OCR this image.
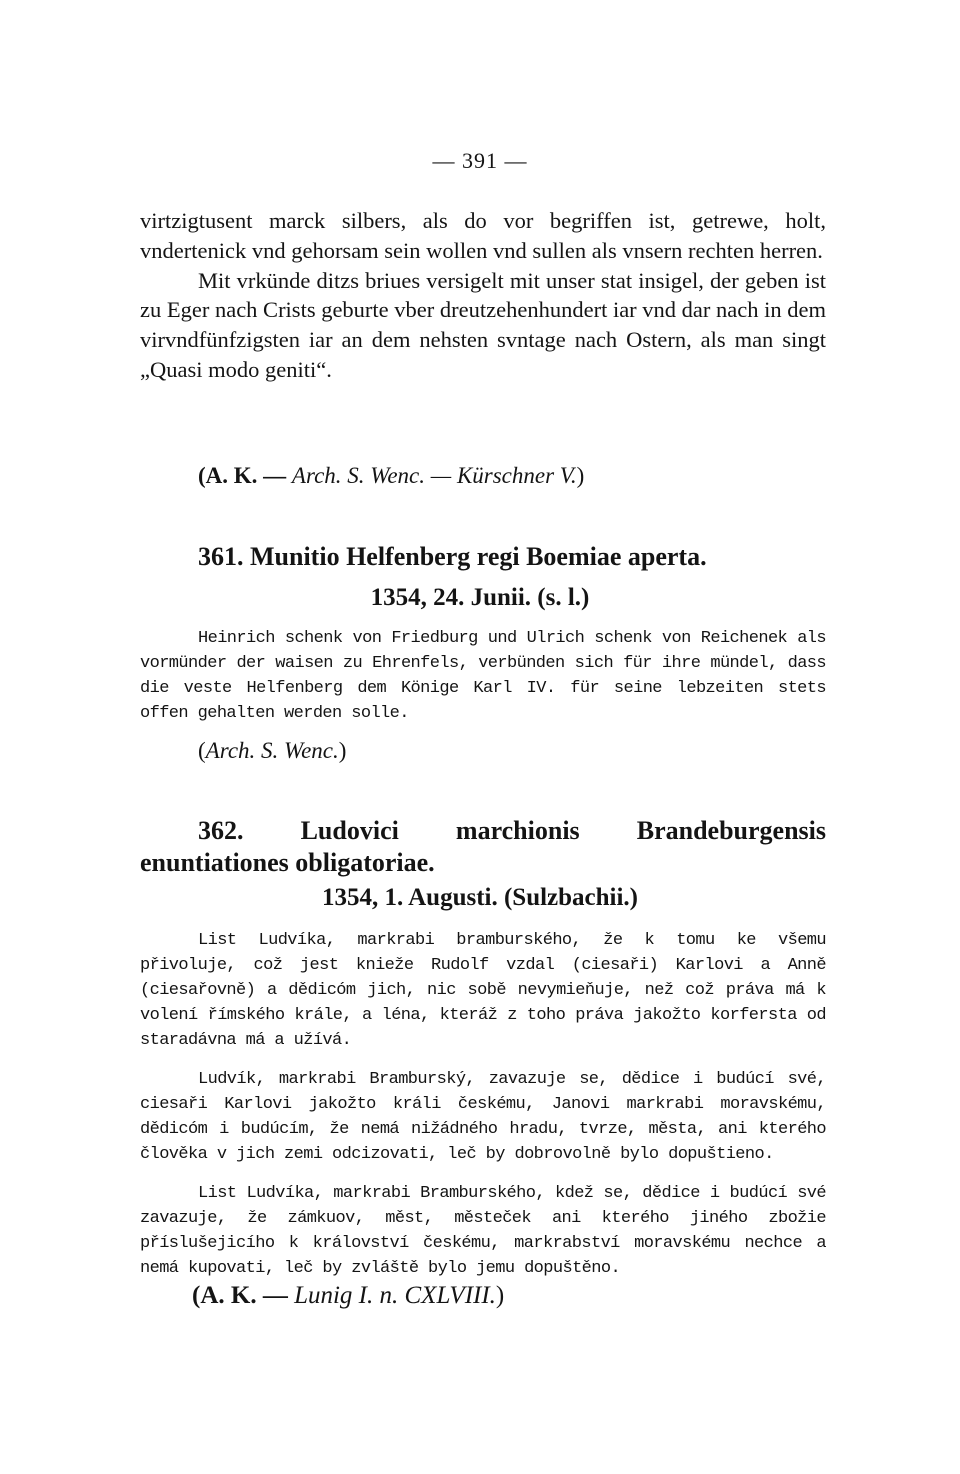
— 391 —

virtzigtusent marck silbers, als do vor begriffen ist, getrewe, holt, vndertenick vnd gehorsam sein wollen vnd sullen als vnsern rechten herren.

Mit vrkünde ditzs briues versigelt mit unser stat insigel, der geben ist zu Eger nach Crists geburte vber dreutzehenhundert iar vnd dar nach in dem virvndfünfzigsten iar an dem nehsten svntage nach Ostern, als man singt „Quasi modo geniti“.

(A. K. — Arch. S. Wenc. — Kürschner V.)
361. Munitio Helfenberg regi Boemiae aperta.
1354, 24. Junii. (s. l.)

Heinrich schenk von Friedburg und Ulrich schenk von Reichenek als vormünder der waisen zu Ehrenfels, verbünden sich für ihre mündel, dass die veste Helfenberg dem Könige Karl IV. für seine lebzeiten stets offen gehalten werden solle.

(Arch. S. Wenc.)
362. Ludovici marchionis Brandeburgensis enuntiationes obligatoriae.
1354, 1. Augusti. (Sulzbachii.)

List Ludvíka, markrabi bramburského, že k tomu ke všemu přivoluje, což jest knieže Rudolf vzdal (ciesaři) Karlovi a Anně (ciesařovně) a dědicóm jich, nic sobě nevymieňuje, než což práva má k volení římského krále, a léna, kteráž z toho práva jakožto korfersta od staradávna má a užívá.

Ludvík, markrabi Bramburský, zavazuje se, dědice i budúcí své, ciesaři Karlovi jakožto králi českému, Janovi markrabi moravskému, dědicóm i budúcím, že nemá nižádného hradu, tvrze, města, ani kterého člověka v jich zemi odcizovati, leč by dobrovolně bylo dopuštieno.

List Ludvíka, markrabi Bramburského, kdež se, dědice i budúcí své zavazuje, že zámkuov, měst, městeček ani kterého jiného zbožie příslušejicího k království českému, markrabství moravskému nechce a nemá kupovati, leč by zvláště bylo jemu dopuštěno.

(A. K. — Lunig I. n. CXLVIII.)
